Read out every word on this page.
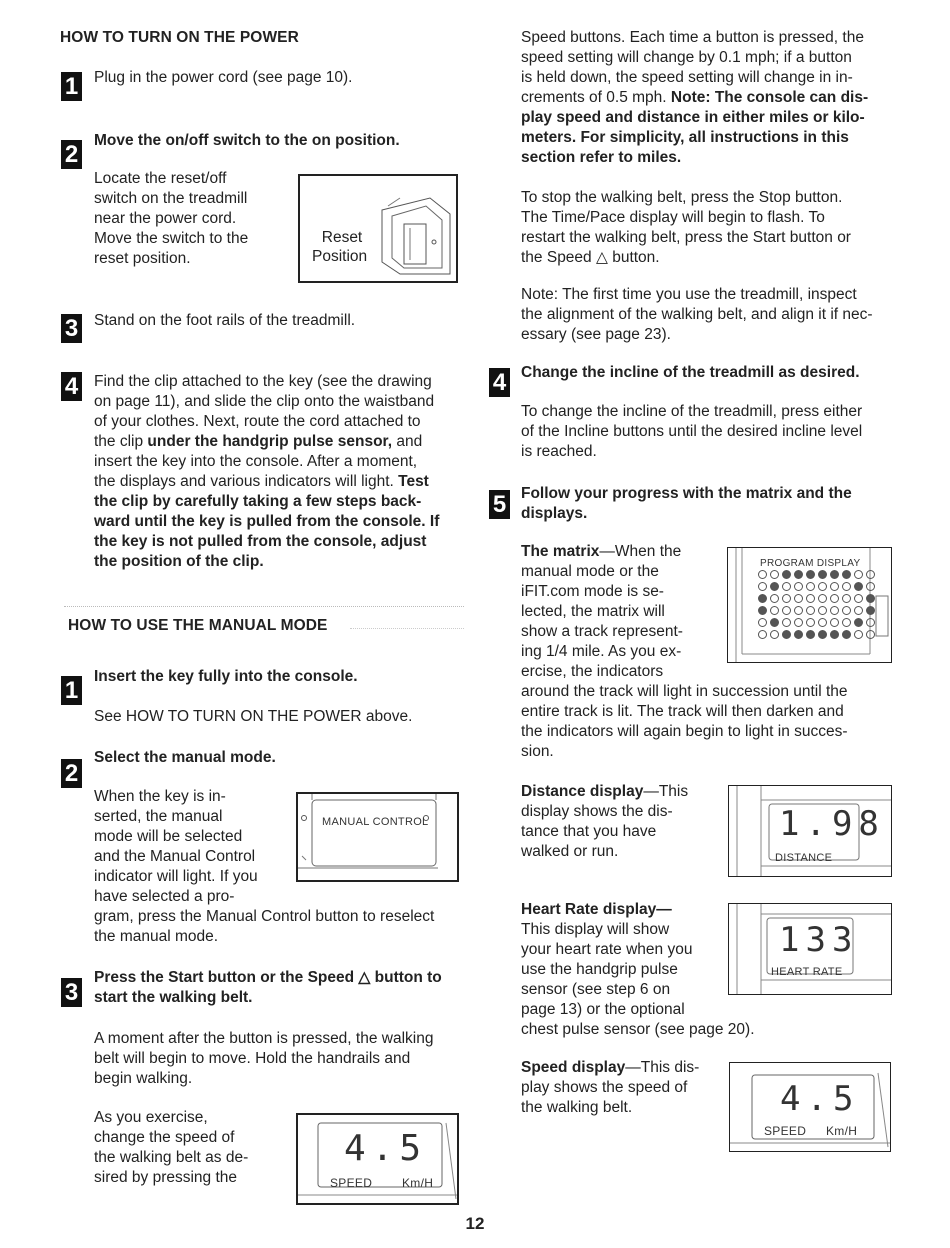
HOW TO TURN ON THE POWER
1 Plug in the power cord (see page 10).
2
Move the on/off switch to the on position.
Locate the reset/off
switch on the treadmill
near the power cord.
Move the switch to the
reset position.
Reset
Position
3 Stand on the foot rails of the treadmill.
4 Find the clip attached to the key (see the drawing
on page 11), and slide the clip onto the waistband
of your clothes. Next, route the cord attached to
the clip under the handgrip pulse sensor, and
insert the key into the console. After a moment,
the displays and various indicators will light. Test
the clip by carefully taking a few steps back-
ward until the key is pulled from the console. If
the key is not pulled from the console, adjust
the position of the clip.
HOW TO USE THE MANUAL MODE
1
Insert the key fully into the console.
See HOW TO TURN ON THE POWER above.
2
Select the manual mode.
When the key is in-
serted, the manual
mode will be selected
and the Manual Control
indicator will light. If you
have selected a pro-
gram, press the Manual Control button to reselect
the manual mode.
MANUAL CONTROL
3
Press the Start button or the Speed △ button to
start the walking belt.
A moment after the button is pressed, the walking
belt will begin to move. Hold the handrails and
begin walking.
As you exercise,
change the speed of
the walking belt as de-
sired by pressing the
4.5
SPEED Km/H
Speed buttons. Each time a button is pressed, the
speed setting will change by 0.1 mph; if a button
is held down, the speed setting will change in in-
crements of 0.5 mph. Note: The console can dis-
play speed and distance in either miles or kilo-
meters. For simplicity, all instructions in this
section refer to miles.
To stop the walking belt, press the Stop button.
The Time/Pace display will begin to flash. To
restart the walking belt, press the Start button or
the Speed △ button.
Note: The first time you use the treadmill, inspect
the alignment of the walking belt, and align it if nec-
essary (see page 23).
4 Change the incline of the treadmill as desired.
To change the incline of the treadmill, press either
of the Incline buttons until the desired incline level
is reached.
5 Follow your progress with the matrix and the
displays.
The matrix—When the
manual mode or the
iFIT.com mode is se-
lected, the matrix will
show a track represent-
ing 1/4 mile. As you ex-
ercise, the indicators
around the track will light in succession until the
entire track is lit. The track will then darken and
the indicators will again begin to light in succes-
sion.
PROGRAM DISPLAY
Distance display—This
display shows the dis-
tance that you have
walked or run.
1.98
DISTANCE
Heart Rate display—
This display will show
your heart rate when you
use the handgrip pulse
sensor (see step 6 on
page 13) or the optional
chest pulse sensor (see page 20).
133
HEART RATE
Speed display—This dis-
play shows the speed of
the walking belt.	4.5
SPEED Km/H
12
